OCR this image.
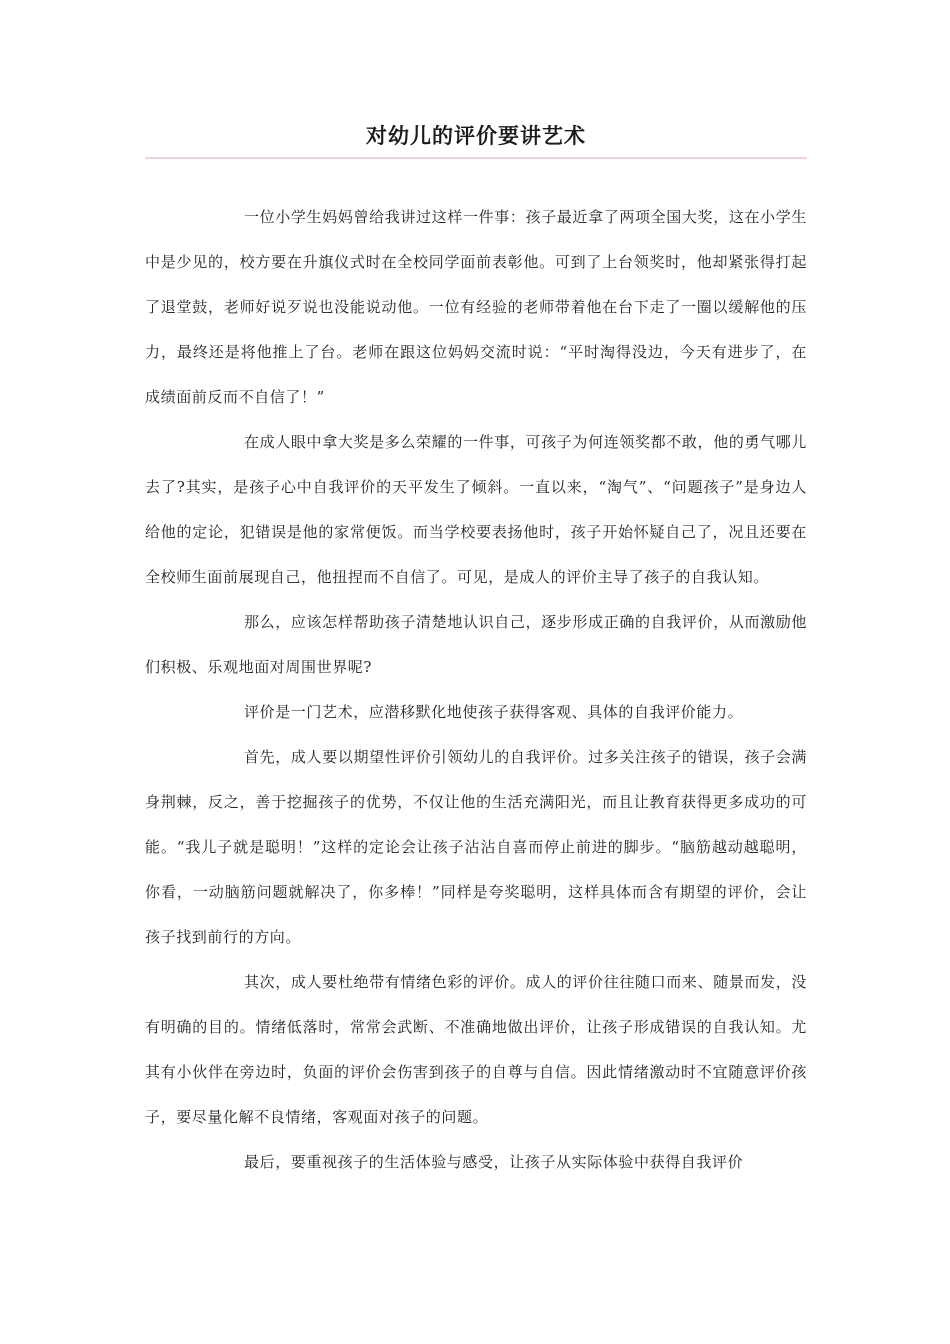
对幼儿的评价要讲艺术

一位小学生妈妈曾给我讲过这样一件事：孩子最近拿了两项全国大奖，这在小学生中是少见的，校方要在升旗仪式时在全校同学面前表彰他。可到了上台领奖时，他却紧张得打起了退堂鼓，老师好说歹说也没能说动他。一位有经验的老师带着他在台下走了一圈以缓解他的压力，最终还是将他推上了台。老师在跟这位妈妈交流时说：“平时淘得没边，今天有进步了，在成绩面前反而不自信了！”

在成人眼中拿大奖是多么荣耀的一件事，可孩子为何连领奖都不敢，他的勇气哪儿去了?其实，是孩子心中自我评价的天平发生了倾斜。一直以来，“淘气”、“问题孩子”是身边人给他的定论，犯错误是他的家常便饭。而当学校要表扬他时，孩子开始怀疑自己了，况且还要在全校师生面前展现自己，他扭捏而不自信了。可见，是成人的评价主导了孩子的自我认知。

那么，应该怎样帮助孩子清楚地认识自己，逐步形成正确的自我评价，从而激励他们积极、乐观地面对周围世界呢?

评价是一门艺术，应潜移默化地使孩子获得客观、具体的自我评价能力。

首先，成人要以期望性评价引领幼儿的自我评价。过多关注孩子的错误，孩子会满身荆棘，反之，善于挖掘孩子的优势，不仅让他的生活充满阳光，而且让教育获得更多成功的可能。“我儿子就是聪明！”这样的定论会让孩子沾沾自喜而停止前进的脚步。“脑筋越动越聪明，你看，一动脑筋问题就解决了，你多棒！”同样是夸奖聪明，这样具体而含有期望的评价，会让孩子找到前行的方向。

其次，成人要杜绝带有情绪色彩的评价。成人的评价往往随口而来、随景而发，没有明确的目的。情绪低落时，常常会武断、不准确地做出评价，让孩子形成错误的自我认知。尤其有小伙伴在旁边时，负面的评价会伤害到孩子的自尊与自信。因此情绪激动时不宜随意评价孩子，要尽量化解不良情绪，客观面对孩子的问题。

最后，要重视孩子的生活体验与感受，让孩子从实际体验中获得自我评价
